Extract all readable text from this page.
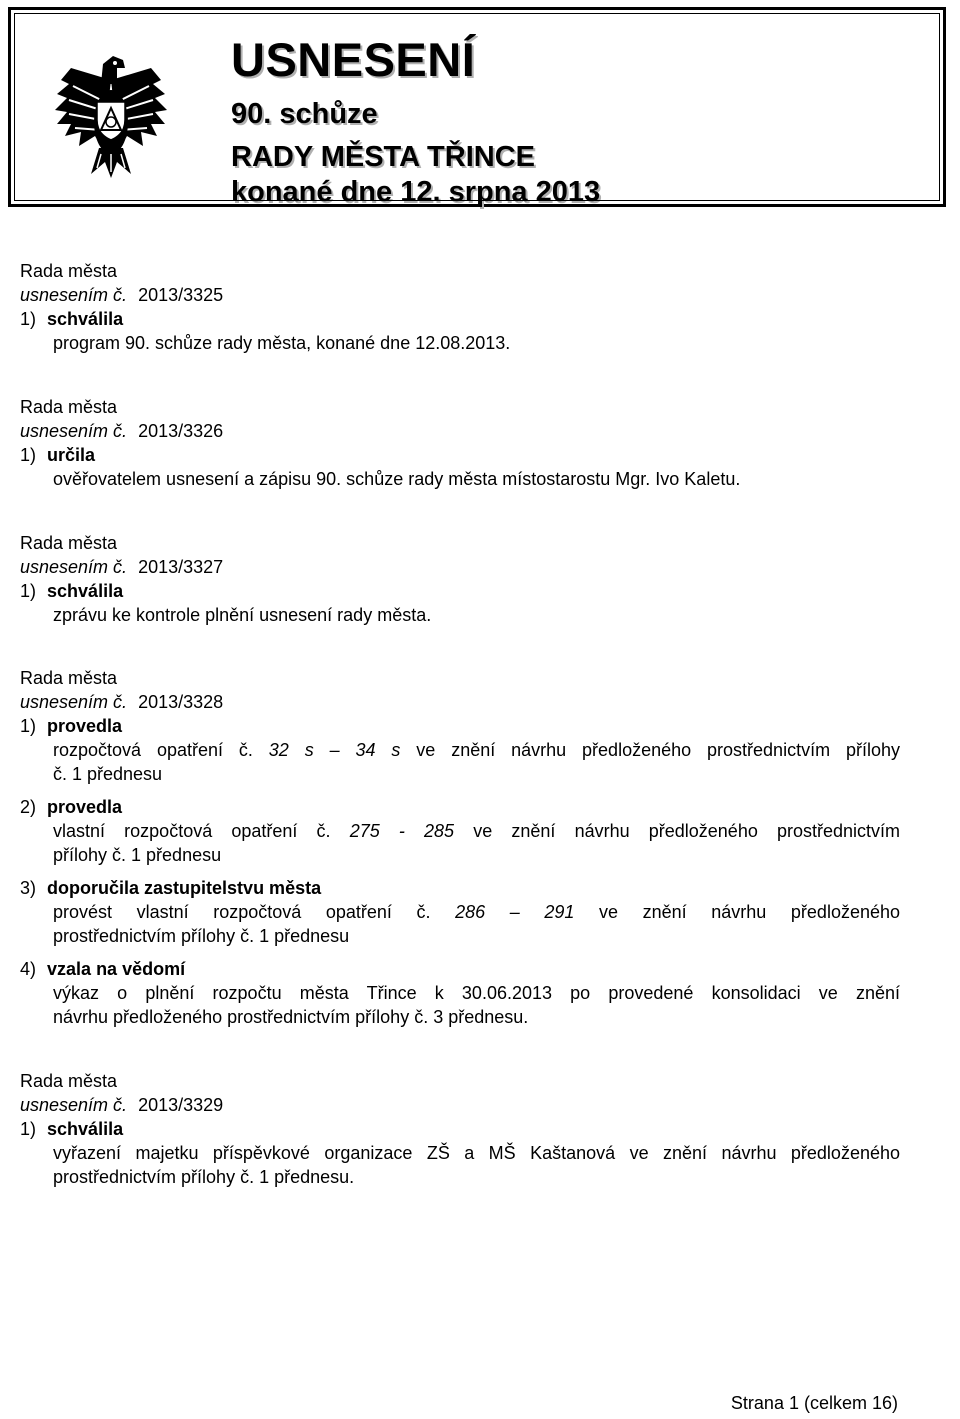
USNESENÍ
90. schůze
RADY MĚSTA TŘINCE
konané dne 12. srpna 2013
Rada města
usnesením č. 2013/3325
1) schválila
program 90. schůze rady města, konané dne 12.08.2013.
Rada města
usnesením č. 2013/3326
1) určila
ověřovatelem usnesení a zápisu 90. schůze rady města místostarostu Mgr. Ivo Kaletu.
Rada města
usnesením č. 2013/3327
1) schválila
zprávu ke kontrole plnění usnesení rady města.
Rada města
usnesením č. 2013/3328
1) provedla
rozpočtová opatření č. 32 s – 34 s ve znění návrhu předloženého prostřednictvím přílohy
č. 1 přednesu
2) provedla
vlastní rozpočtová opatření č. 275 - 285 ve znění návrhu předloženého prostřednictvím
přílohy č. 1 přednesu
3) doporučila zastupitelstvu města
provést vlastní rozpočtová opatření č. 286 – 291 ve znění návrhu předloženého
prostřednictvím přílohy č. 1 přednesu
4) vzala na vědomí
výkaz o plnění rozpočtu města Třince k 30.06.2013 po provedené konsolidaci ve znění
návrhu předloženého prostřednictvím přílohy č. 3 přednesu.
Rada města
usnesením č. 2013/3329
1) schválila
vyřazení majetku příspěvkové organizace ZŠ a MŠ Kaštanová ve znění návrhu předloženého
prostřednictvím přílohy č. 1 přednesu.
Strana 1 (celkem 16)
